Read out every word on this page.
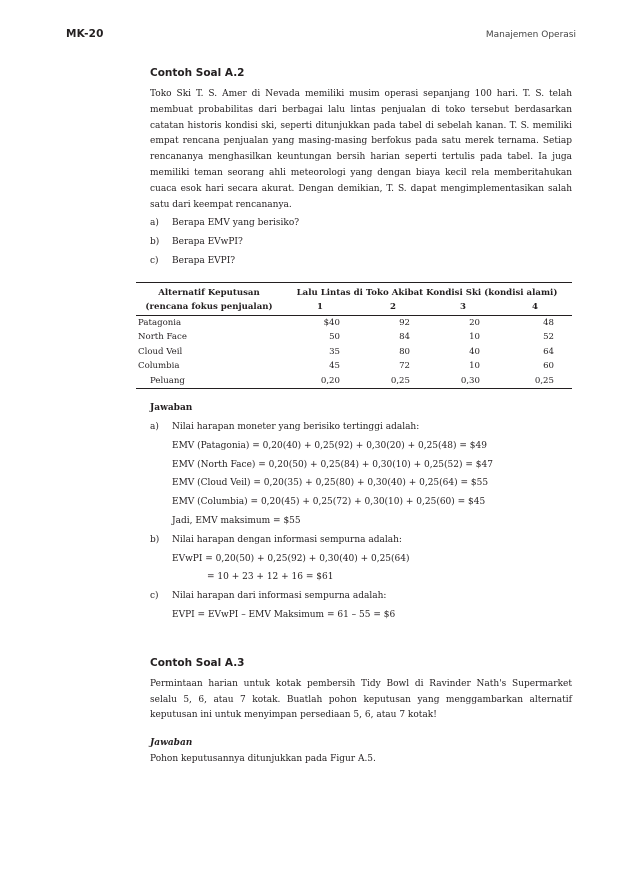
MK-20	Manajemen Operasi
Contoh Soal A.2

Toko Ski T. S. Amer di Nevada memiliki musim operasi sepanjang 100 hari. T. S. telah membuat probabilitas dari berbagai lalu lintas penjualan di toko tersebut berdasarkan catatan historis kondisi ski, seperti ditunjukkan pada tabel di sebelah kanan. T. S. memiliki empat rencana penjualan yang masing-masing berfokus pada satu merek ternama. Setiap rencananya menghasilkan keuntungan bersih harian seperti tertulis pada tabel. Ia juga memiliki teman seorang ahli meteorologi yang dengan biaya kecil rela memberitahukan cuaca esok hari secara akurat. Dengan demikian, T. S. dapat mengimplementasikan salah satu dari keempat rencananya.

a)	Berapa EMV yang berisiko?
b)	Berapa EVwPI?
c)	Berapa EVPI?
Alternatif Keputusan
(rencana fokus penjualan)	Lalu Lintas di Toko Akibat Kondisi Ski (kondisi alami)			
	1	2	3	4
Patagonia	$40	92	20	48
North Face	50	84	10	52
Cloud Veil	35	80	40	64
Columbia	45	72	10	60
Peluang	0,20	0,25	0,30	0,25
Jawaban
a)	Nilai harapan moneter yang berisiko tertinggi adalah:
EMV (Patagonia) = 0,20(40) + 0,25(92) + 0,30(20) + 0,25(48) = $49
EMV (North Face) = 0,20(50) + 0,25(84) + 0,30(10) + 0,25(52) = $47
EMV (Cloud Veil) = 0,20(35) + 0,25(80) + 0,30(40) + 0,25(64) = $55
EMV (Columbia) = 0,20(45) + 0,25(72) + 0,30(10) + 0,25(60) = $45
Jadi, EMV maksimum = $55
b)	Nilai harapan dengan informasi sempurna adalah:
EVwPI = 0,20(50) + 0,25(92) + 0,30(40) + 0,25(64)
= 10 + 23 + 12 + 16 = $61
c)	Nilai harapan dari informasi sempurna adalah:
EVPI = EVwPI – EMV Maksimum = 61 – 55 = $6
Contoh Soal A.3

Permintaan harian untuk kotak pembersih Tidy Bowl di Ravinder Nath's Supermarket selalu 5, 6, atau 7 kotak. Buatlah pohon keputusan yang menggambarkan alternatif keputusan ini untuk menyimpan persediaan 5, 6, atau 7 kotak!

Jawaban
Pohon keputusannya ditunjukkan pada Figur A.5.
